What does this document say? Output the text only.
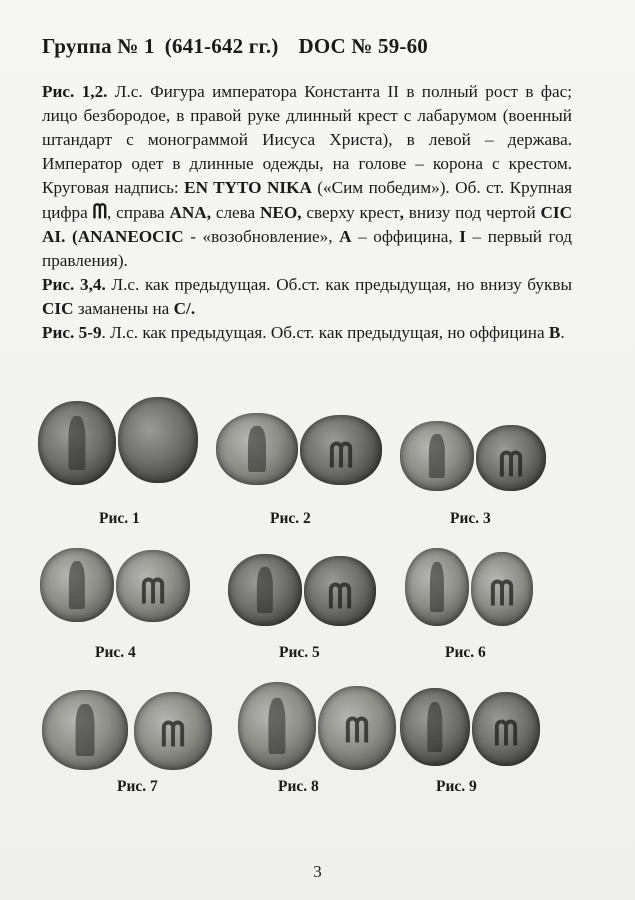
Группа № 1 (641-642 гг.) DOC № 59-60

Рис. 1,2. Л.с. Фигура императора Константа II в полный рост в фас; лицо безбородое, в правой руке длинный крест с лабарумом (военный штандарт с монограммой Иисуса Христа), в левой – держава. Император одет в длинные одежды, на голове – корона с крестом. Круговая надпись: EN TYTO NIKA («Сим победим»). Об. ст. Крупная цифра ᗰ, справа ANA, слева NEO, сверху крест, внизу под чертой CIC AI. (ANANEOCIC - «возобновление», A – оффицина, I – первый год правления).

Рис. 3,4. Л.с. как предыдущая. Об.ст. как предыдущая, но внизу буквы CIC заманены на C/.

Рис. 5-9. Л.с. как предыдущая. Об.ст. как предыдущая, но оффицина B.

ᗰ	ᗰ
Рис. 1	Рис. 2	Рис. 3
ᗰ	ᗰ	ᗰ
Рис. 4	Рис. 5	Рис. 6
ᗰ	ᗰ	ᗰ
Рис. 7	Рис. 8	Рис. 9
3
